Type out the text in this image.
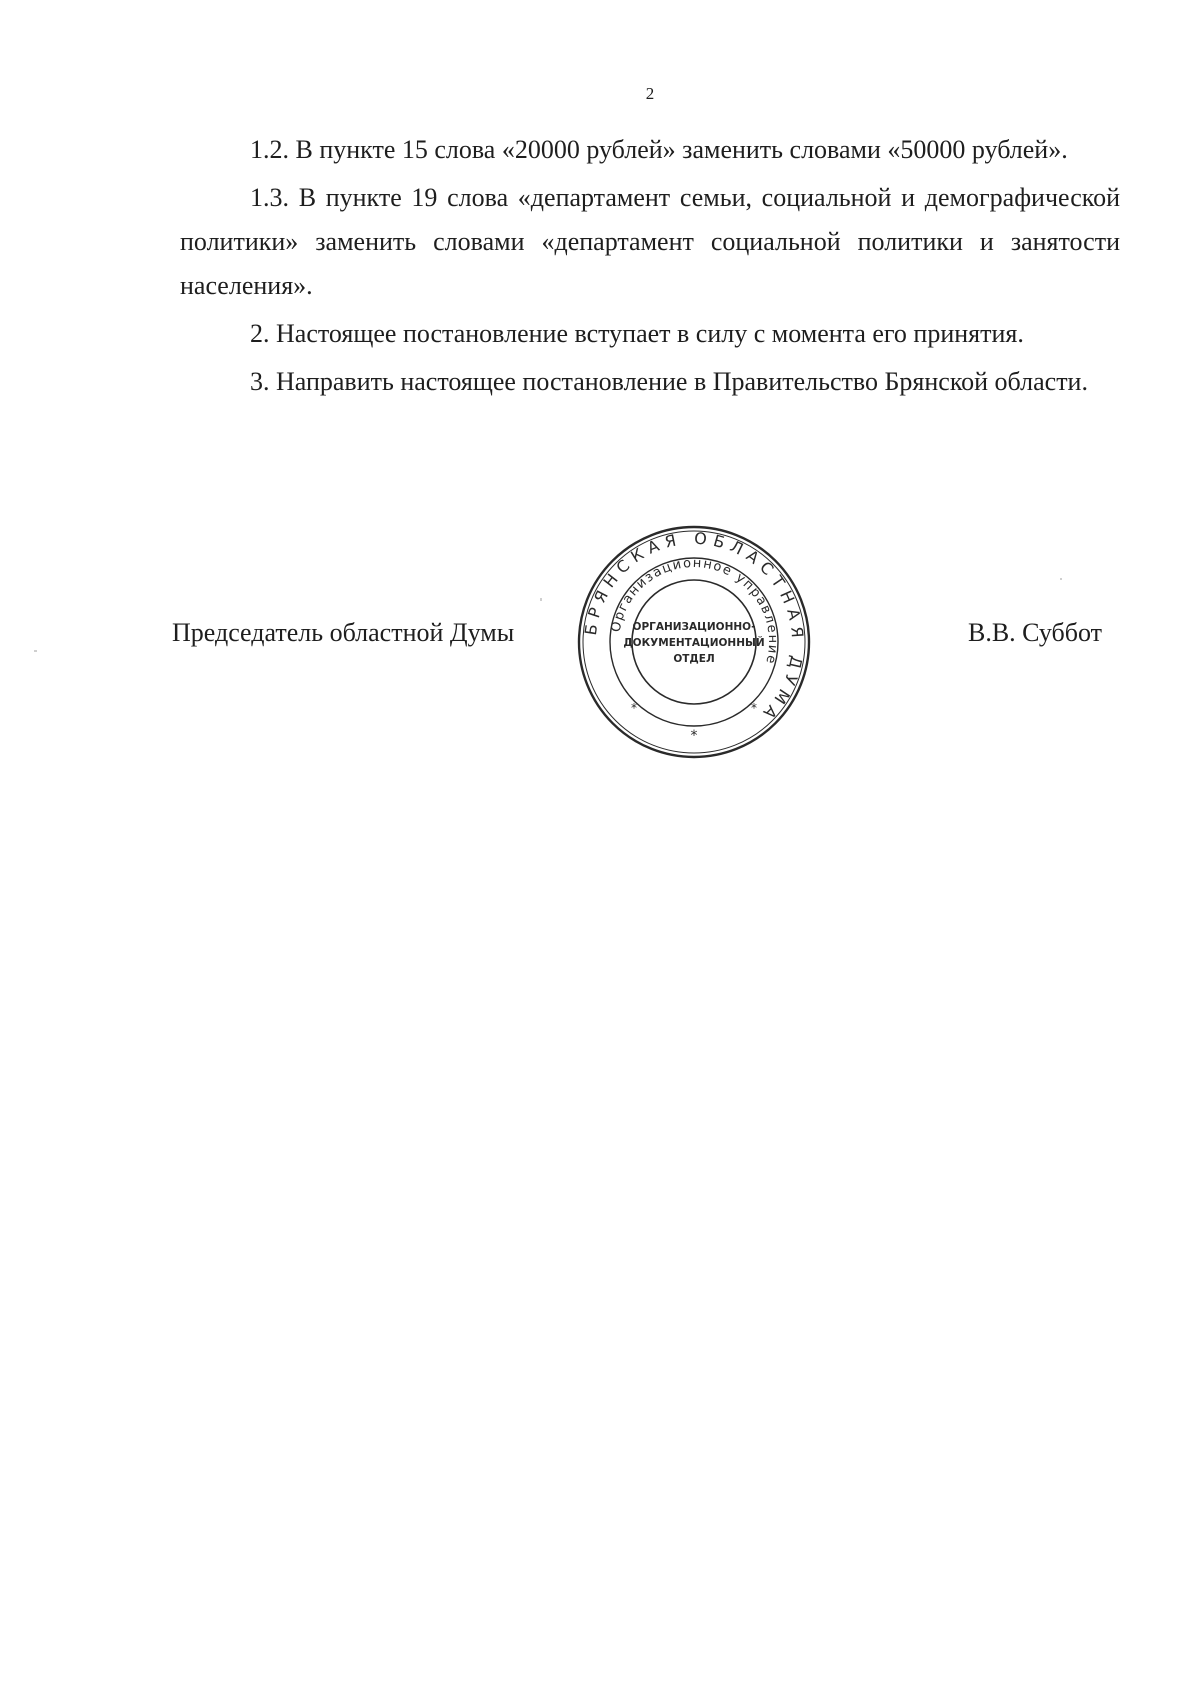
2

1.2. В пункте 15 слова «20000 рублей» заменить словами «50000 рублей».

1.3. В пункте 19 слова «департамент семьи, социальной и демографической политики» заменить словами «департамент социальной политики и занятости населения».

2. Настоящее постановление вступает в силу с момента его принятия.

3. Направить настоящее постановление в Правительство Брянской области.

Председатель областной Думы	В.В. Суббот
БРЯНСКАЯ ОБЛАСТНАЯ ДУМА
Организационное управление
ОРГАНИЗАЦИОННО-
ДОКУМЕНТАЦИОННЫЙ
ОТДЕЛ
*
*	*
